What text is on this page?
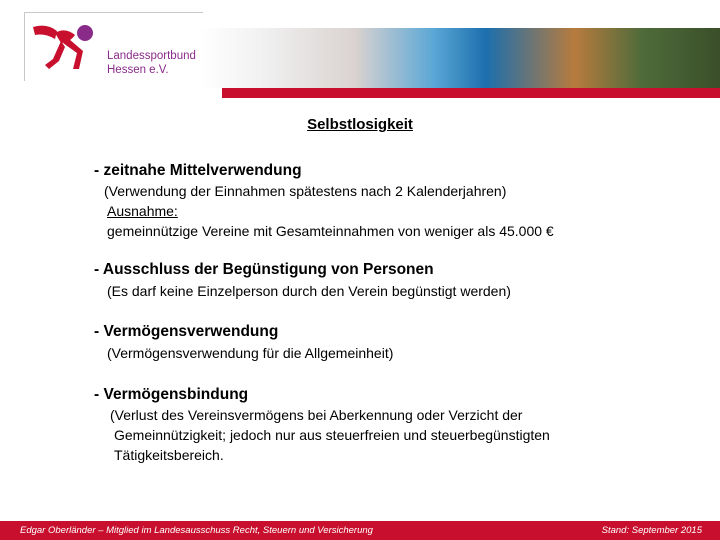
Landessportbund
Hessen e.V.
Selbstlosigkeit
- zeitnahe Mittelverwendung
(Verwendung der Einnahmen spätestens nach 2 Kalenderjahren)
Ausnahme:
gemeinnützige Vereine mit Gesamteinnahmen von weniger als 45.000 €
- Ausschluss der Begünstigung von Personen
(Es darf keine Einzelperson durch den Verein begünstigt werden)
- Vermögensverwendung
(Vermögensverwendung für die Allgemeinheit)
- Vermögensbindung
(Verlust des Vereinsvermögens bei Aberkennung oder Verzicht der
Gemeinnützigkeit; jedoch nur aus steuerfreien und steuerbegünstigten
Tätigkeitsbereich.
Edgar Oberländer – Mitglied im Landesausschuss Recht, Steuern und Versicherung	Stand: September 2015
